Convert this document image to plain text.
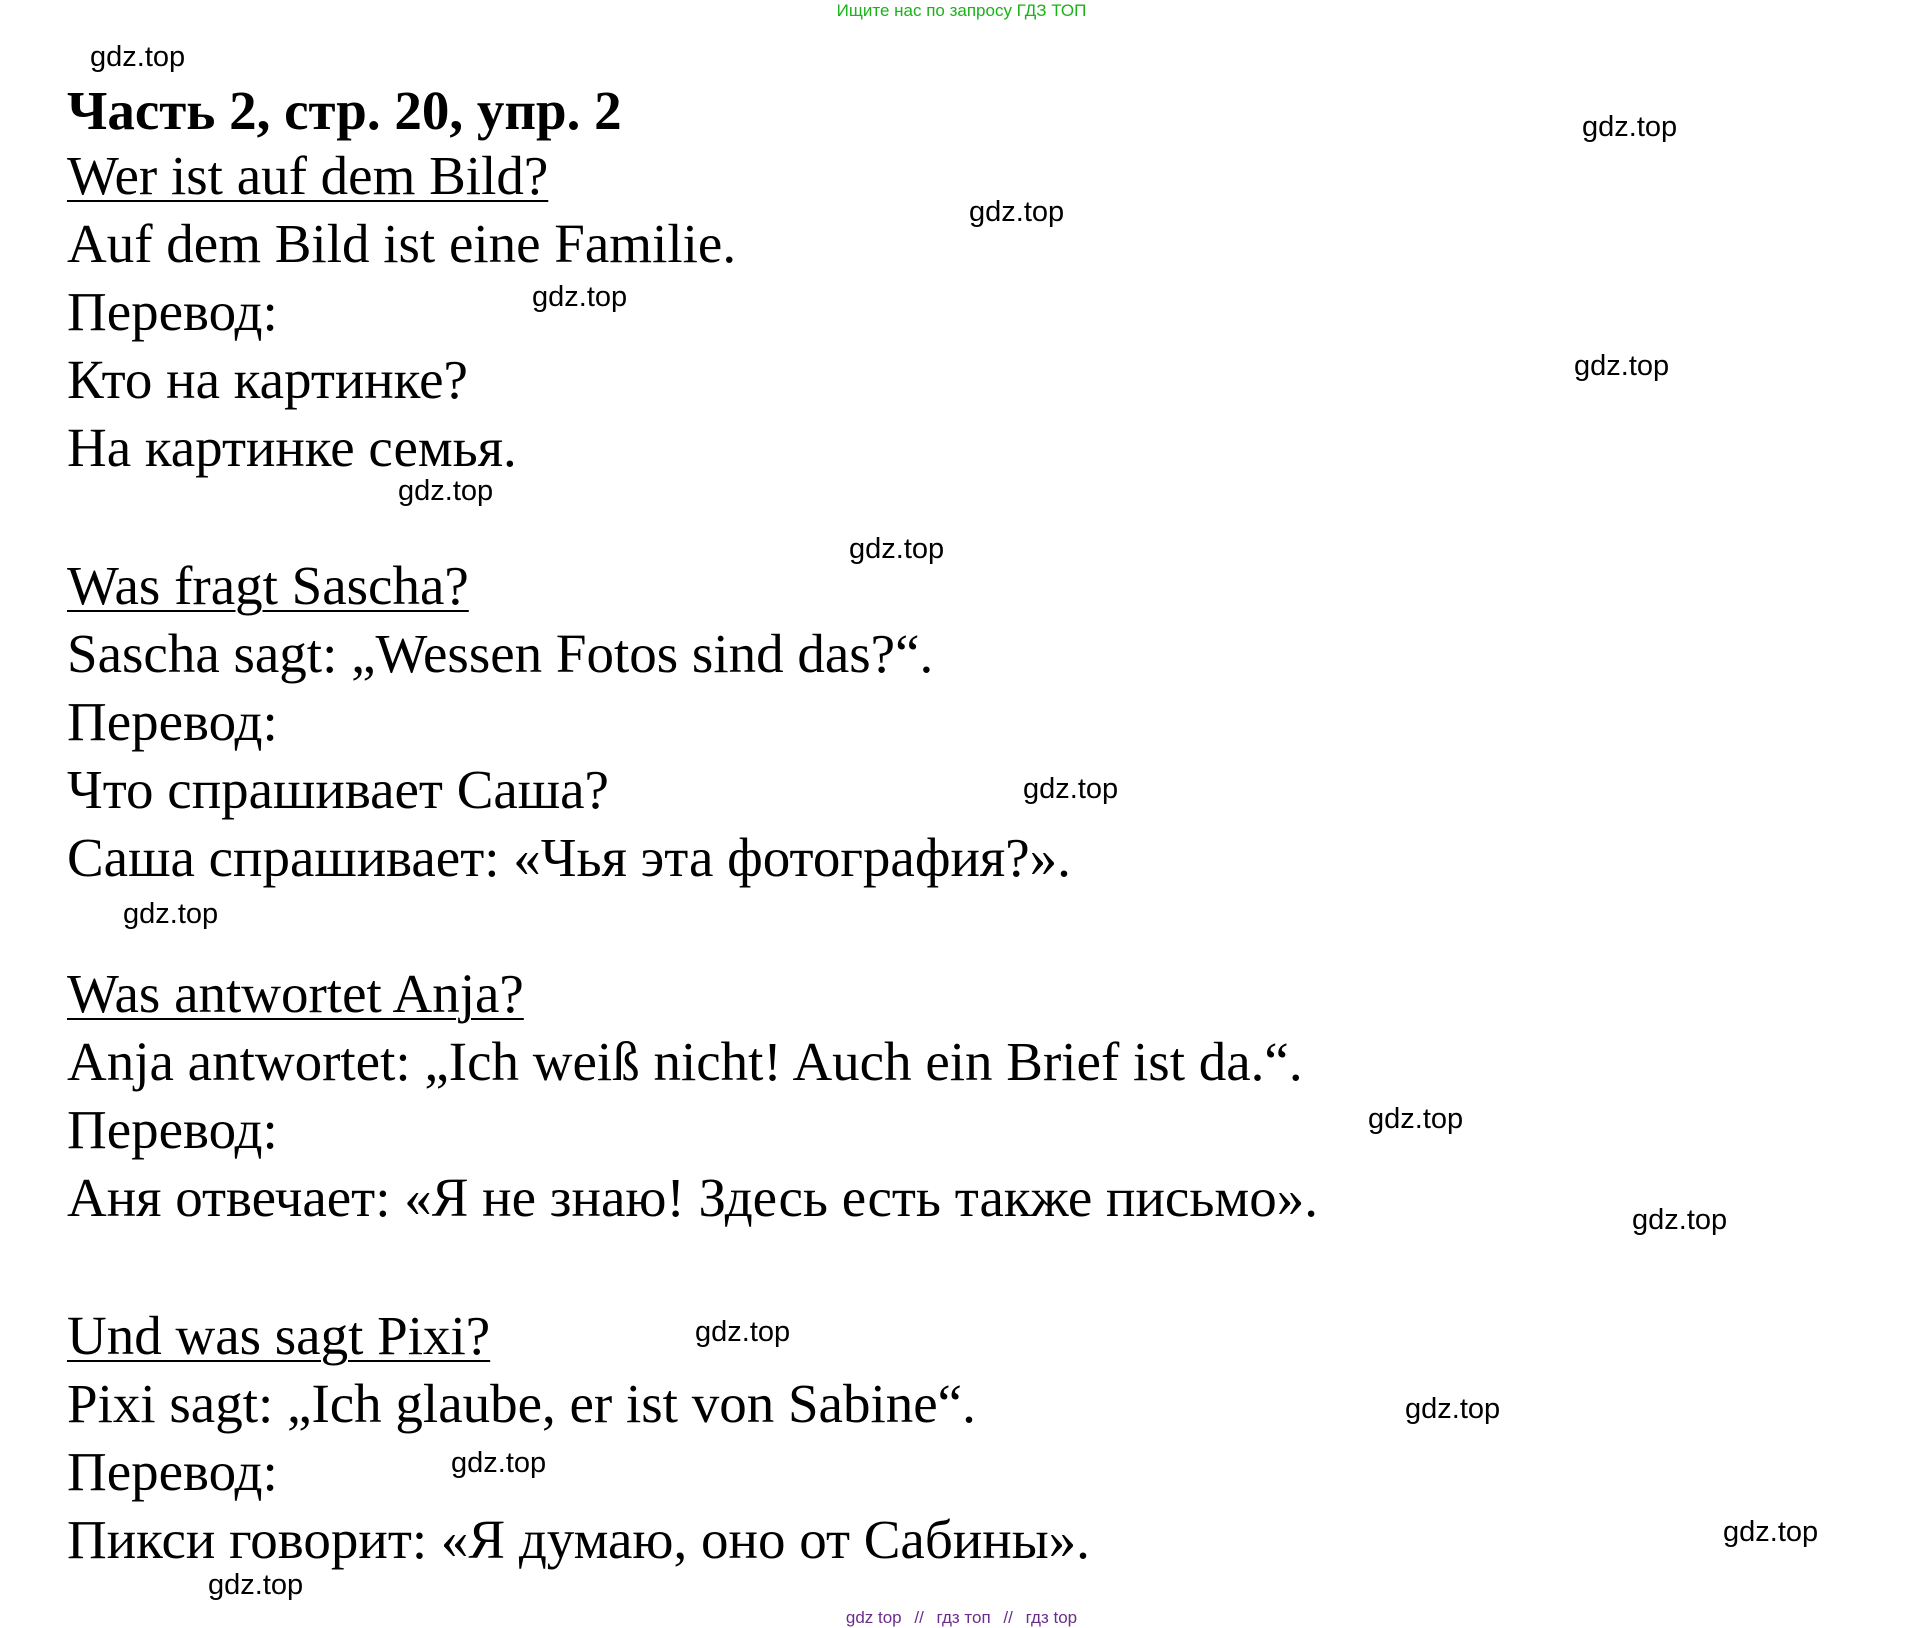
Ищите нас по запросу ГДЗ ТОП

Часть 2, стр. 20, упр. 2

Wer ist auf dem Bild?

Auf dem Bild ist eine Familie.

Перевод:

Кто на картинке?

На картинке семья.

Was fragt Sascha?

Sascha sagt: „Wessen Fotos sind das?“.

Перевод:

Что спрашивает Саша?

Саша спрашивает: «Чья эта фотография?».

Was antwortet Anja?

Anja antwortet: „Ich weiß nicht! Auch ein Brief ist da.“.

Перевод:

Аня отвечает: «Я не знаю! Здесь есть также письмо».

Und was sagt Pixi?

Pixi sagt: „Ich glaube, er ist von Sabine“.

Перевод:

Пикси говорит: «Я думаю, оно от Сабины».

gdz.top
gdz.top
gdz.top
gdz.top
gdz.top
gdz.top
gdz.top
gdz.top
gdz.top
gdz.top
gdz.top
gdz.top
gdz.top
gdz.top
gdz.top
gdz.top
gdz top // гдз топ // гдз top
